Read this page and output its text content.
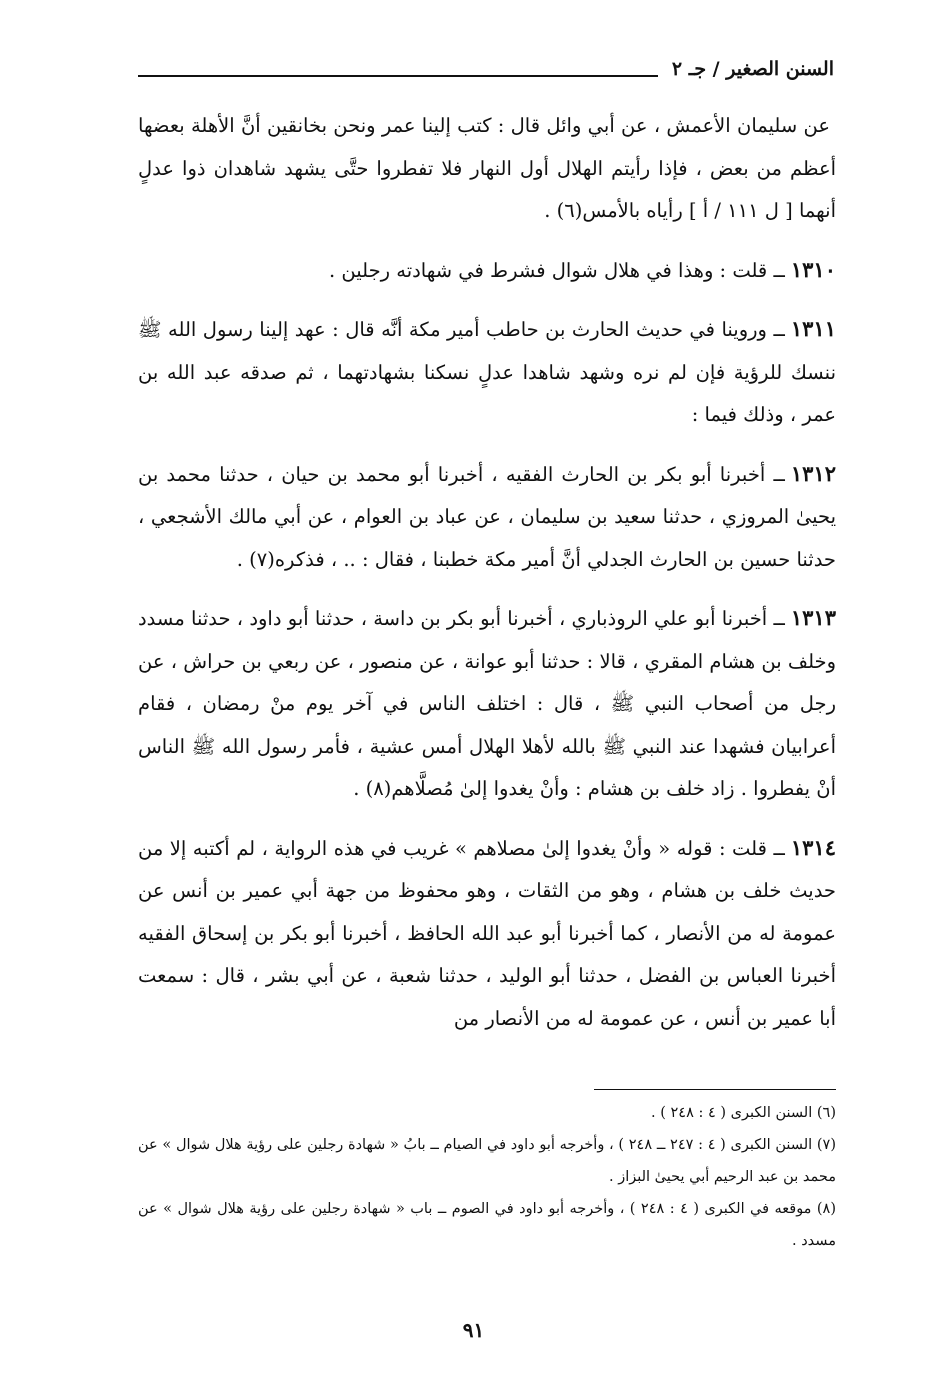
السنن الصغير / جـ ٢

عن سليمان الأعمش ، عن أبي وائل قال : كتب إلينا عمر ونحن بخانقين أنَّ الأهلة بعضها أعظم من بعض ، فإذا رأيتم الهلال أول النهار فلا تفطروا حتَّى يشهد شاهدان ذوا عدلٍ أنهما [ ل ١١١ / أ ] رأياه بالأمس(٦) .

١٣١٠ــ قلت : وهذا في هلال شوال فشرط في شهادته رجلين .

١٣١١ــ وروينا في حديث الحارث بن حاطب أمير مكة أنَّه قال : عهد إلينا رسول الله ﷺ ننسك للرؤية فإن لم نره وشهد شاهدا عدلٍ نسكنا بشهادتهما ، ثم صدقه عبد الله بن عمر ، وذلك فيما :

١٣١٢ــ أخبرنا أبو بكر بن الحارث الفقيه ، أخبرنا أبو محمد بن حيان ، حدثنا محمد بن يحيىٰ المروزي ، حدثنا سعيد بن سليمان ، عن عباد بن العوام ، عن أبي مالك الأشجعي ، حدثنا حسين بن الحارث الجدلي أنَّ أمير مكة خطبنا ، فقال : .. ، فذكره(٧) .

١٣١٣ــ أخبرنا أبو علي الروذباري ، أخبرنا أبو بكر بن داسة ، حدثنا أبو داود ، حدثنا مسدد وخلف بن هشام المقري ، قالا : حدثنا أبو عوانة ، عن منصور ، عن ربعي بن حراش ، عن رجل من أصحاب النبي ﷺ ، قال : اختلف الناس في آخر يوم منْ رمضان ، فقام أعرابيان فشهدا عند النبي ﷺ بالله لأهلا الهلال أمس عشية ، فأمر رسول الله ﷺ الناس أنْ يفطروا . زاد خلف بن هشام : وأنْ يغدوا إلىٰ مُصلَّاهم(٨) .

١٣١٤ــ قلت : قوله « وأنْ يغدوا إلىٰ مصلاهم » غريب في هذه الرواية ، لم أكتبه إلا من حديث خلف بن هشام ، وهو من الثقات ، وهو محفوظ من جهة أبي عمير بن أنس عن عمومة له من الأنصار ، كما أخبرنا أبو عبد الله الحافظ ، أخبرنا أبو بكر بن إسحاق الفقيه أخبرنا العباس بن الفضل ، حدثنا أبو الوليد ، حدثنا شعبة ، عن أبي بشر ، قال : سمعت أبا عمير بن أنس ، عن عمومة له من الأنصار من

(٦) السنن الكبرى ( ٤ : ٢٤٨ ) .

(٧) السنن الكبرى ( ٤ : ٢٤٧ ــ ٢٤٨ ) ، وأخرجه أبو داود في الصيام ــ بابُ « شهادة رجلين على رؤية هلال شوال » عن محمد بن عبد الرحيم أبي يحيىٰ البزاز .

(٨) موقعه في الكبرى ( ٤ : ٢٤٨ ) ، وأخرجه أبو داود في الصوم ــ باب « شهادة رجلين على رؤية هلال شوال » عن مسدد .

٩١
